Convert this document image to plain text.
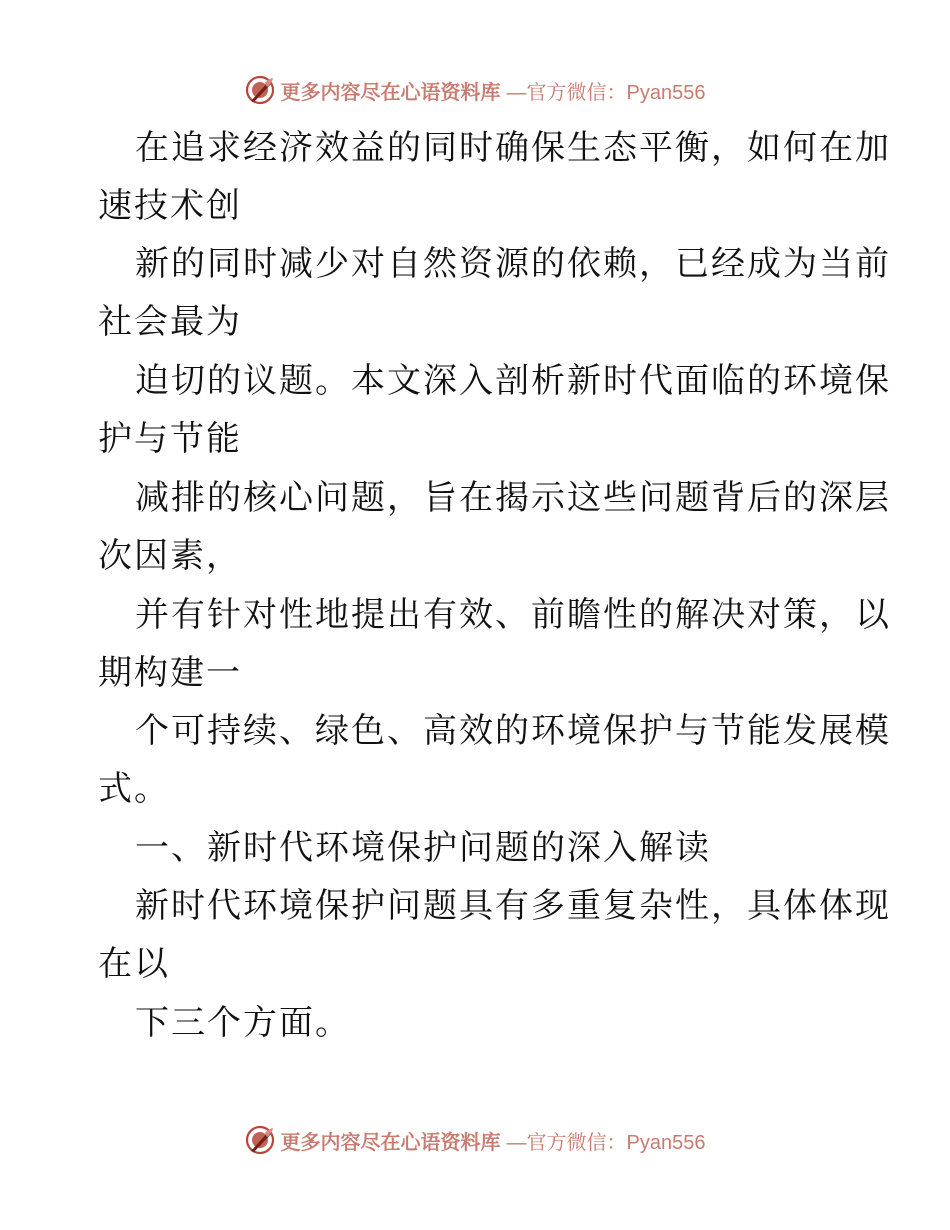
更多内容尽在心语资料库 —官方微信：Pyan556
在追求经济效益的同时确保生态平衡，如何在加
速技术创
新的同时减少对自然资源的依赖，已经成为当前
社会最为
迫切的议题。本文深入剖析新时代面临的环境保
护与节能
减排的核心问题，旨在揭示这些问题背后的深层
次因素，
并有针对性地提出有效、前瞻性的解决对策，以
期构建一
个可持续、绿色、高效的环境保护与节能发展模
式。
一、新时代环境保护问题的深入解读
新时代环境保护问题具有多重复杂性，具体体现
在以
下三个方面。
更多内容尽在心语资料库 —官方微信：Pyan556
